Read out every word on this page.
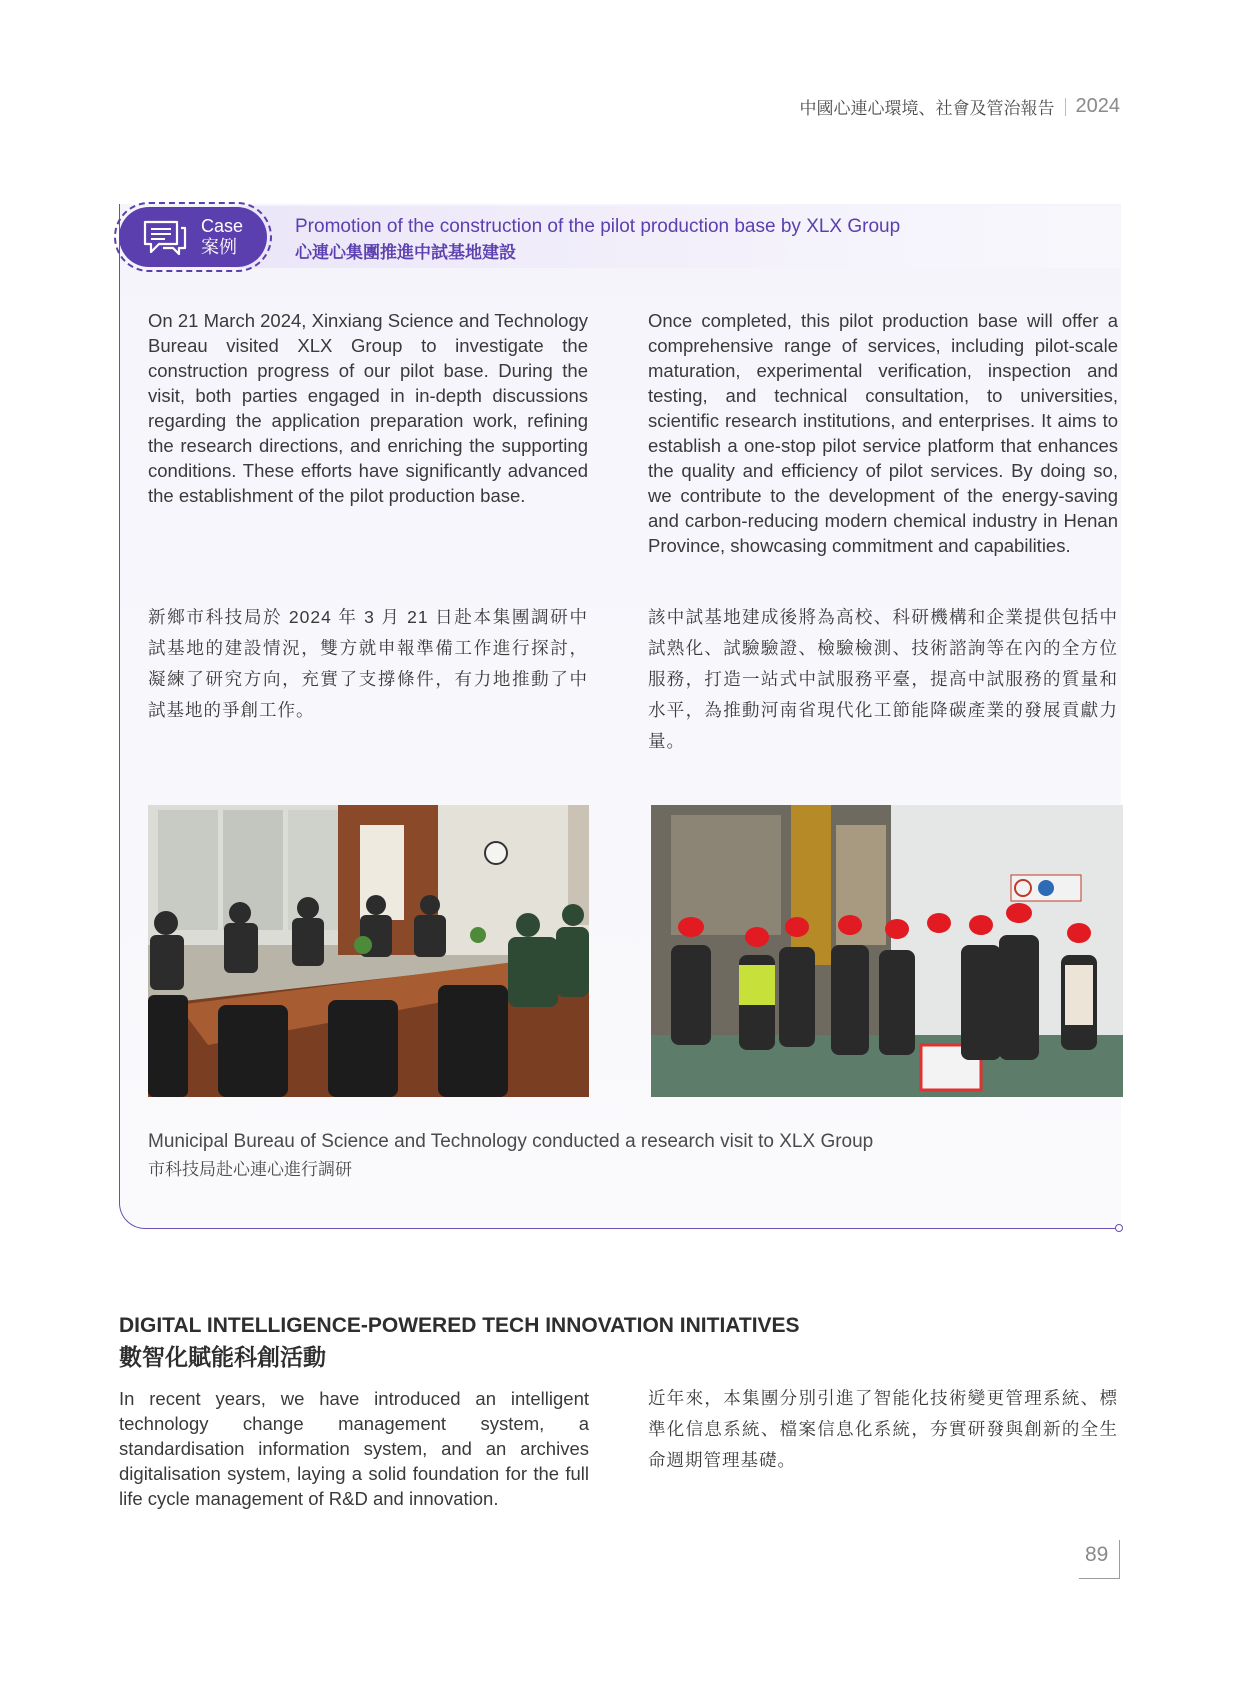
中國心連心環境、社會及管治報告 2024
Case
案例
Promotion of the construction of the pilot production base by XLX Group
心連心集團推進中試基地建設
On 21 March 2024, Xinxiang Science and Technology Bureau visited XLX Group to investigate the construction progress of our pilot base. During the visit, both parties engaged in in-depth discussions regarding the application preparation work, refining the research directions, and enriching the supporting conditions. These efforts have significantly advanced the establishment of the pilot production base.
Once completed, this pilot production base will offer a comprehensive range of services, including pilot-scale maturation, experimental verification, inspection and testing, and technical consultation, to universities, scientific research institutions, and enterprises. It aims to establish a one-stop pilot service platform that enhances the quality and efficiency of pilot services. By doing so, we contribute to the development of the energy-saving and carbon-reducing modern chemical industry in Henan Province, showcasing commitment and capabilities.
新鄉市科技局於 2024 年 3 月 21 日赴本集團調研中試基地的建設情況，雙方就申報準備工作進行探討，凝練了研究方向，充實了支撐條件，有力地推動了中試基地的爭創工作。
該中試基地建成後將為高校、科研機構和企業提供包括中試熟化、試驗驗證、檢驗檢測、技術諮詢等在內的全方位服務，打造一站式中試服務平臺，提高中試服務的質量和水平，為推動河南省現代化工節能降碳產業的發展貢獻力量。
Municipal Bureau of Science and Technology conducted a research visit to XLX Group
市科技局赴心連心進行調研
DIGITAL INTELLIGENCE-POWERED TECH INNOVATION INITIATIVES
數智化賦能科創活動
In recent years, we have introduced an intelligent technology change management system, a standardisation information system, and an archives digitalisation system, laying a solid foundation for the full life cycle management of R&D and innovation.
近年來，本集團分別引進了智能化技術變更管理系統、標準化信息系統、檔案信息化系統，夯實研發與創新的全生命週期管理基礎。
89
